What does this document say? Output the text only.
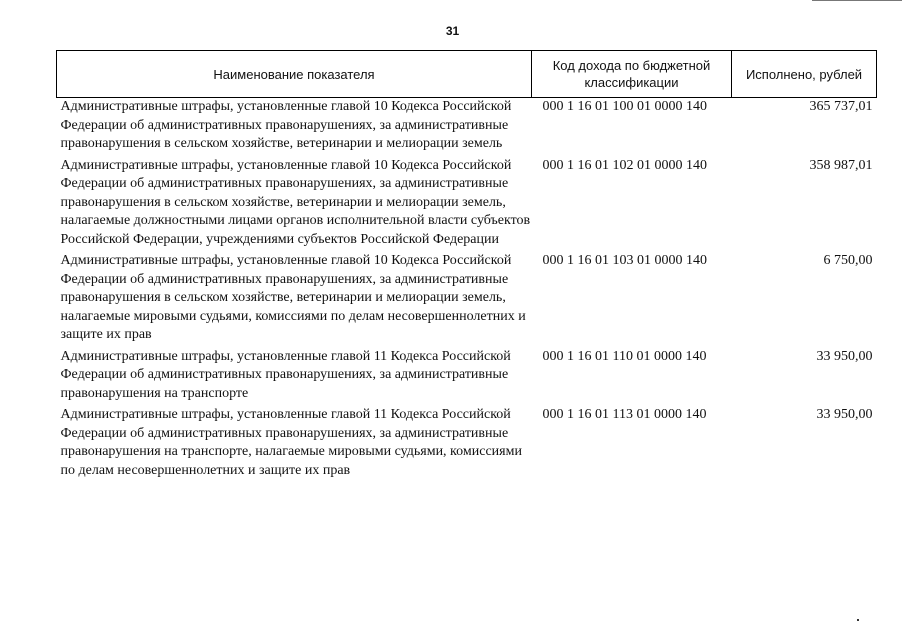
31
Наименование показателя	Код дохода по бюджетной классификации	Исполнено, рублей
Административные штрафы, установленные главой 10 Кодекса Российской Федерации об административных правонарушениях, за административные правонарушения в сельском хозяйстве, ветеринарии и мелиорации земель	000 1 16 01 100 01 0000 140	365 737,01
Административные штрафы, установленные главой 10 Кодекса Российской Федерации об административных правонарушениях, за административные правонарушения в сельском хозяйстве, ветеринарии и мелиорации земель, налагаемые должностными лицами органов исполнительной власти субъектов Российской Федерации, учреждениями субъектов Российской Федерации	000 1 16 01 102 01 0000 140	358 987,01
Административные штрафы, установленные главой 10 Кодекса Российской Федерации об административных правонарушениях, за административные правонарушения в сельском хозяйстве, ветеринарии и мелиорации земель, налагаемые мировыми судьями, комиссиями по делам несовершеннолетних и защите их прав	000 1 16 01 103 01 0000 140	6 750,00
Административные штрафы, установленные главой 11 Кодекса Российской Федерации об административных правонарушениях, за административные правонарушения на транспорте	000 1 16 01 110 01 0000 140	33 950,00
Административные штрафы, установленные главой 11 Кодекса Российской Федерации об административных правонарушениях, за административные правонарушения на транспорте, налагаемые мировыми судьями, комиссиями по делам несовершеннолетних и защите их прав	000 1 16 01 113 01 0000 140	33 950,00
